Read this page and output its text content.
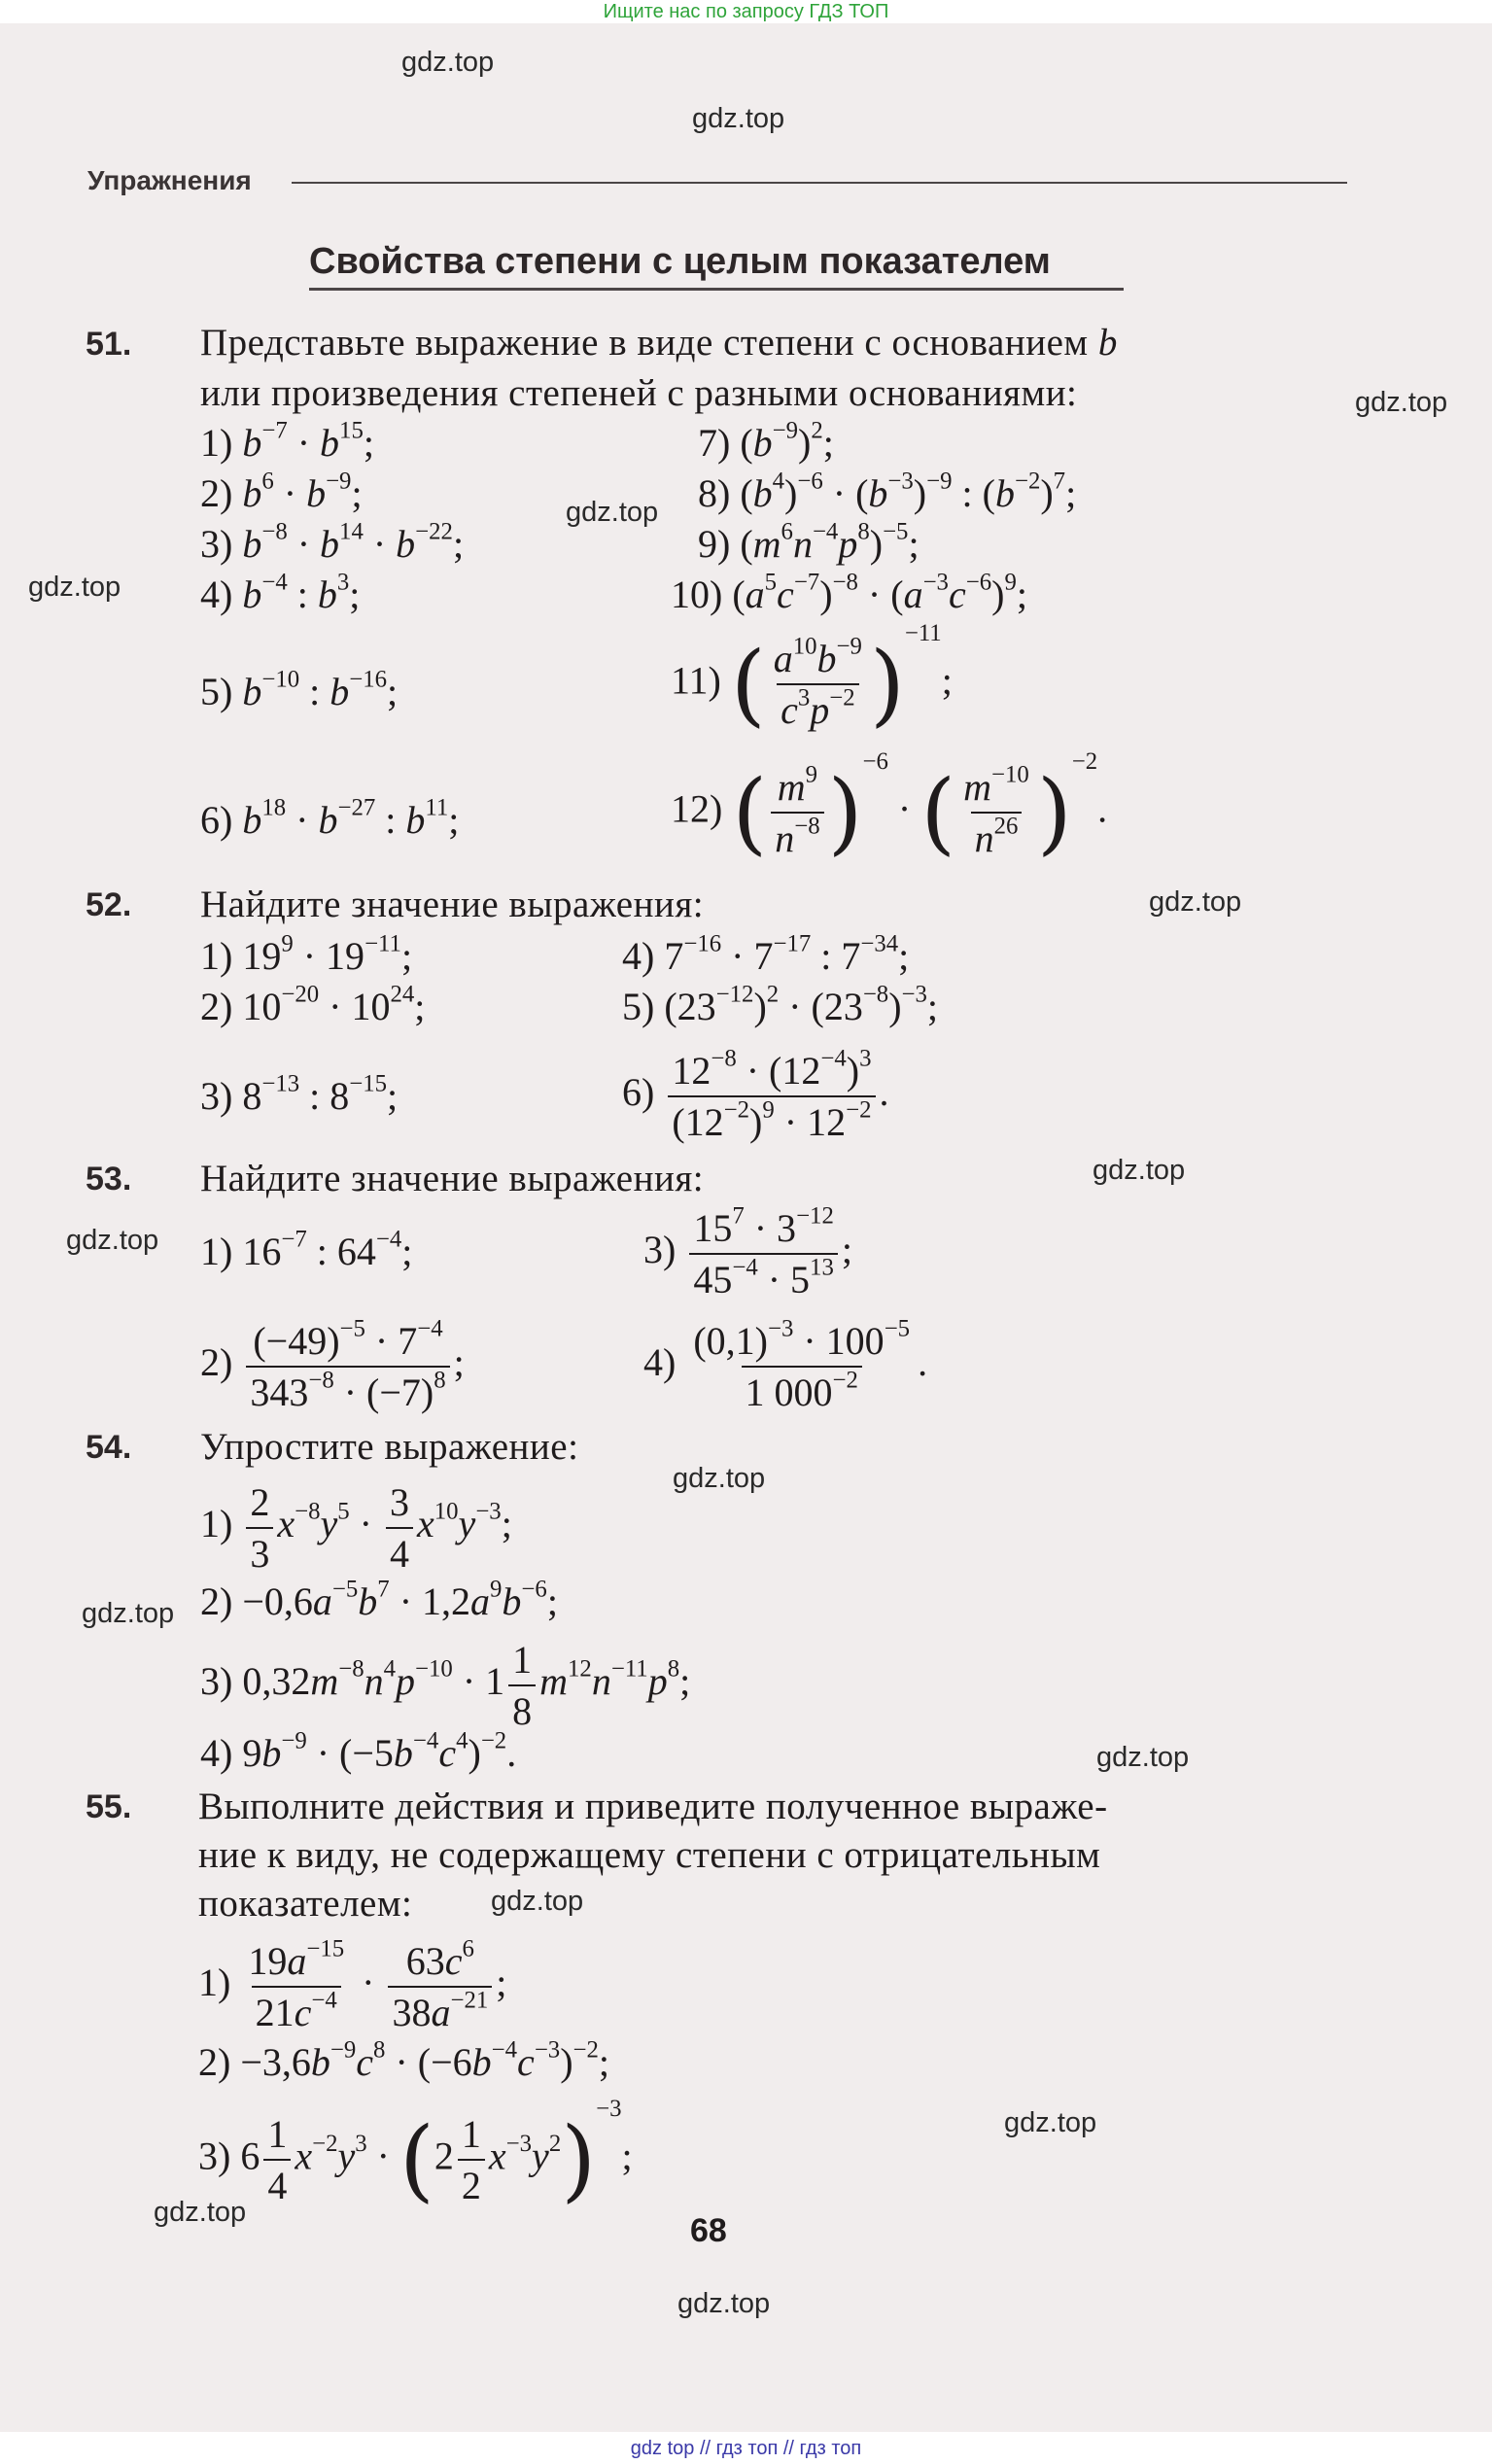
Ищите нас по запросу ГДЗ ТОП
gdz.top
gdz.top
gdz.top
gdz.top
gdz.top
gdz.top
gdz.top
gdz.top
gdz.top
gdz.top
gdz.top
gdz.top
gdz.top
gdz.top
gdz.top
Упражнения
Свойства степени с целым показателем
51. Представьте выражение в виде степени с основанием b
или произведения степеней с разными основаниями:
1) $b^{-7} \cdot b^{15}$;
2) $b^6 \cdot b^{-9}$;
3) $b^{-8} \cdot b^{14} \cdot b^{-22}$;
4) $b^{-4}$ : $b^3$;
5) $b^{-10}$ : $b^{-16}$;
6) $b^{18} \cdot b^{-27}$ : $b^{11}$;
7) $(b^{-9})^2$;
8) $(b^4)^{-6} \cdot (b^{-3})^{-9}$ : $(b^{-2})^7$;
9) $(m^6n^{-4}p^8)^{-5}$;
10) $(a^5c^{-7})^{-8} \cdot (a^{-3}c^{-6})^9$;
11) ( $\frac{a^{10}b^{-9}}{c^3p^{-2}} )^{-11}$;
12) ( $\frac{m^9}{n^{-8}} )^{-6}$ · ( $\frac{m^{-10}}{n^{26}} )^{-2}$.
52. Найдите значение выражения:
1) $19^9 \cdot 19^{-11}$;
2) $10^{-20} \cdot 10^{24}$;
3) $8^{-13}$ : $8^{-15}$;
4) $7^{-16} \cdot 7^{-17}$ : $7^{-34}$;
5) $(23^{-12})^2 \cdot (23^{-8})^{-3}$;
$6) \frac{12^{-8} \cdot (12^{-4})^3}{(12^{-2})^9 \cdot 12^{-2}}$ .
53. Найдите значение выражения:
1) $16^{-7}$ : $64^{-4}$;
$2) \frac{(-49)^{-5} \cdot 7^{-4}}{343^{-8} \cdot (-7)^8}$ ;
$3) \frac{15^7 \cdot 3^{-12}}{45^{-4} \cdot 5^{13}}$ ;
$4) \frac{(0,1)^{-3} \cdot 100^{-5}}{1 000^{-2}}$ .
54. Упростите выражение:
$1) \frac{2}{3} x^{-8}y^5 \cdot \frac{3}{4} x^{10}y^{-3}$;
$2) -0,6a^{-5}b^7 \cdot 1,2a^9b^{-6}$;
3) $0,32m^{-8}n^4p^{-10} \cdot 1 \frac{1}{8} m^{12}n^{-11}p^8$;
4) $9b^{-9} \cdot (-5b^{-4}c^4)^{-2}$.
55. Выполните действия и приведите полученное выраже-
ние к виду, не содержащему степени с отрицательным
показателем:
$1) \frac{19a^{-15}}{21c^{-4}} \cdot \frac{63c^6}{38a^{-21}}$ ;
$2) -3,6b^{-9}c^8 \cdot (-6b^{-4}c^{-3})^{-2}$;
3) $6 \frac{1}{4} x^{-2}y^3 \cdot (2 \frac{1}{2} x^{-3}y^2)^{-3}$;
68
gdz top // гдз топ // гдз топ
